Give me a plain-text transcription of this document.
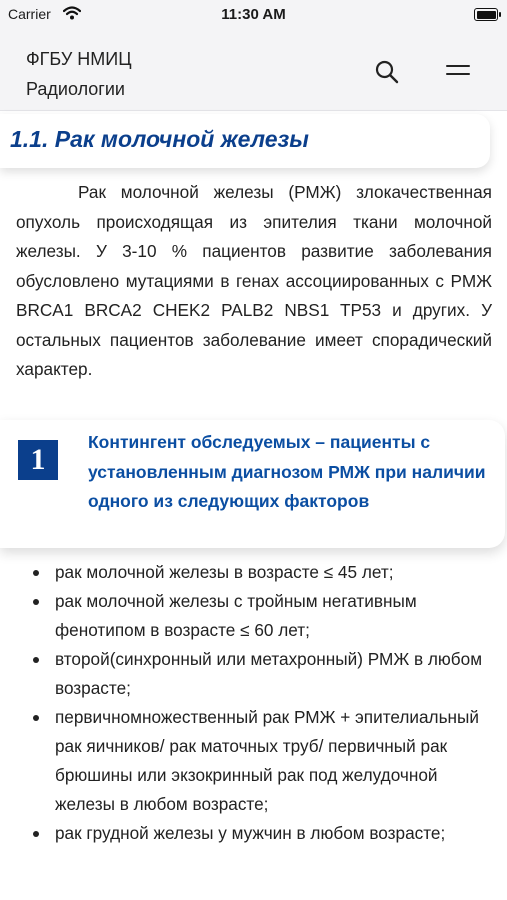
Carrier	11:30 AM
ФГБУ НМИЦ
Радиологии
1.1. Рак молочной железы

Рак молочной железы (РМЖ) злокачественная опухоль происходящая из эпителия ткани молочной железы. У 3-10 % пациентов развитие заболевания обусловлено мутациями в генах ассоциированных с РМЖ BRCA1 BRCA2 CHEK2 PALB2 NBS1 TP53 и других. У остальных пациентов заболевание имеет спорадический характер.

1
Контингент обследуемых – пациенты с установленным диагнозом РМЖ при наличии одного из следующих факторов
рак молочной железы в возрасте ≤ 45 лет;
рак молочной железы с тройным негативным фенотипом в возрасте ≤ 60 лет;
второй(синхронный или метахронный) РМЖ в любом возрасте;
первичномножественный рак РМЖ + эпителиальный рак яичников/ рак маточных труб/ первичный рак брюшины или экзокринный рак под желудочной железы в любом возрасте;
рак грудной железы у мужчин в любом возрасте;
